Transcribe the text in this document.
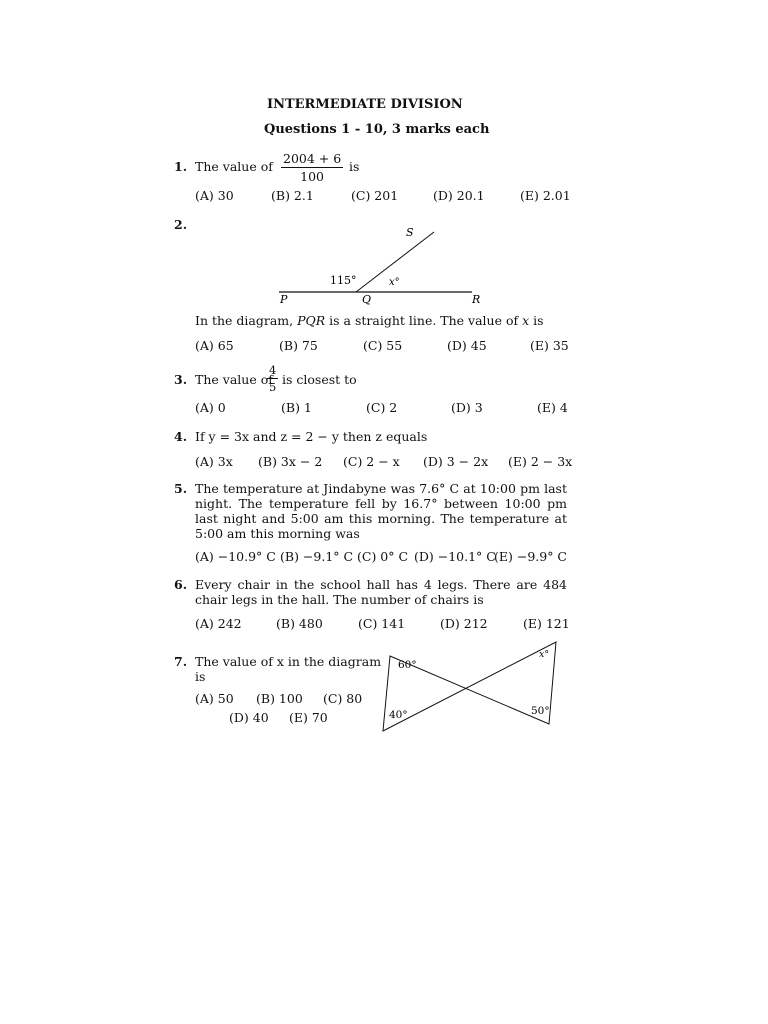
INTERMEDIATE DIVISION
Questions 1 - 10, 3 marks each
1. The value of $\frac{2004 + 6}{100}$ is
(A) 30	(B) 2.1	(C) 201	(D) 20.1	(E) 2.01
2.
S
115°	x°
P	Q	R
In the diagram, PQR is a straight line. The value of x is
(A) 65	(B) 75	(C) 55	(D) 45	(E) 35
3. The value of
$\frac{4}{5}$ is closest to
(A) 0	(B) 1	(C) 2	(D) 3	(E) 4
4. If y = 3x and z = 2 − y then z equals
(A) 3x (B) 3x − 2 (C) 2 − x (D) 3 − 2x (E) 2 − 3x
5. The temperature at Jindabyne was 7.6° C at 10:00 pm last night. The temperature fell by 16.7° between 10:00 pm last night and 5:00 am this morning. The temperature at 5:00 am this morning was
(A) −10.9° C (B) −9.1° C (C) 0° C (D) −10.1° C
(E) −9.9° C
6. Every chair in the school hall has 4 legs. There are 484 chair legs in the hall. The number of chairs is
(A) 242	(B) 480	(C) 141	(D) 212	(E) 121
7. The value of x in the diagram
is
(A) 50 (B) 100 (C) 80
(D) 40 (E) 70
60°
40°
x°
50°
